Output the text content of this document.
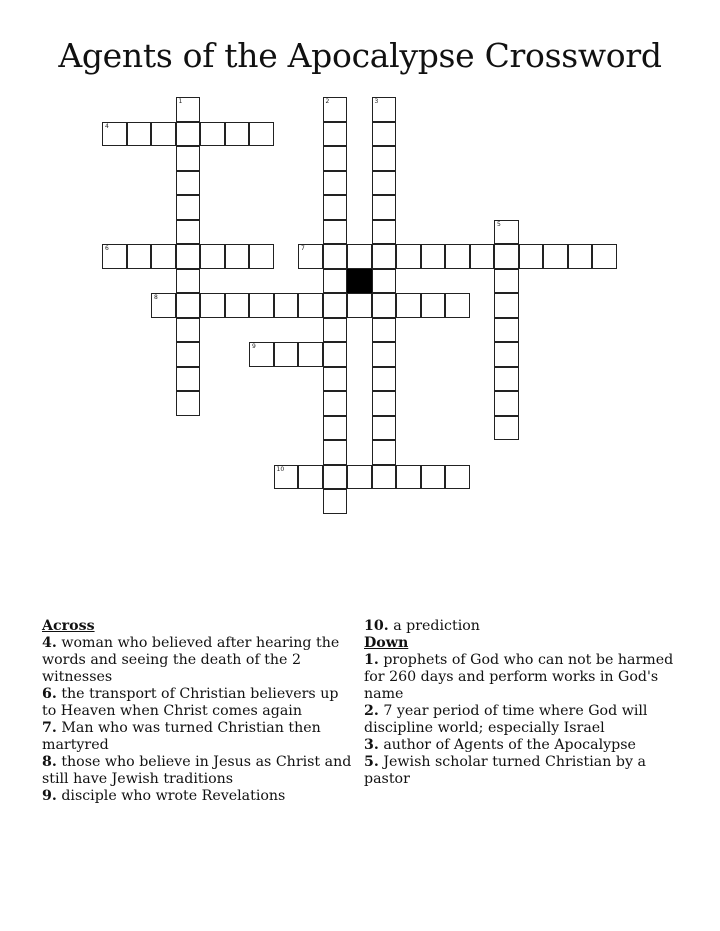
Agents of the Apocalypse Crossword
1	2	3
4
5
6	7
8
9
10

Across

4. woman who believed after hearing the words and seeing the death of the 2 witnesses

6. the transport of Christian believers up to Heaven when Christ comes again

7. Man who was turned Christian then martyred

8. those who believe in Jesus as Christ and still have Jewish traditions

9. disciple who wrote Revelations

10. a prediction

Down

1. prophets of God who can not be harmed for 260 days and perform works in God's name

2. 7 year period of time where God will discipline world; especially Israel

3. author of Agents of the Apocalypse

5. Jewish scholar turned Christian by a pastor
